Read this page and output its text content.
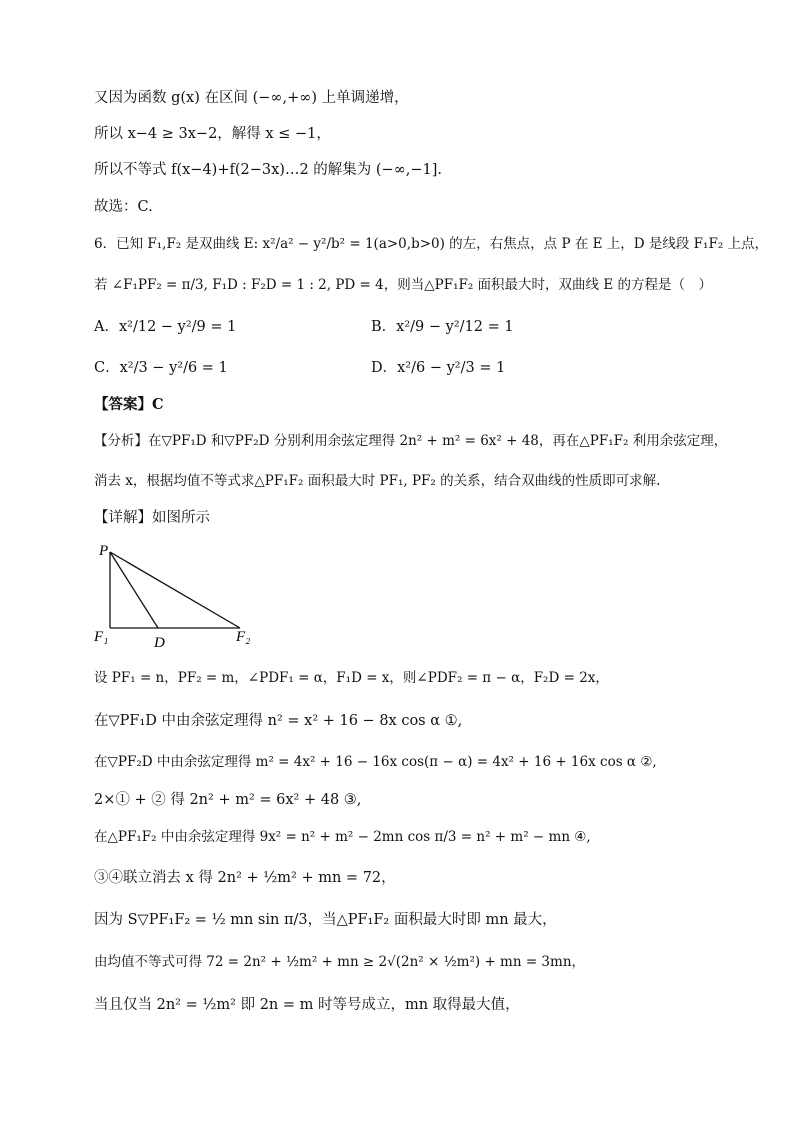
又因为函数 g(x) 在区间 (−∞,+∞) 上单调递增，
所以 x−4 ≥ 3x−2，解得 x ≤ −1，
所以不等式 f(x−4)+f(2−3x)…2 的解集为 (−∞,−1].
故选：C.
6．已知 F₁,F₂ 是双曲线 E: x²/a² − y²/b² = 1(a>0,b>0) 的左，右焦点，点 P 在 E 上，D 是线段 F₁F₂ 上点，
若 ∠F₁PF₂ = π/3, F₁D : F₂D = 1 : 2, PD = 4，则当△PF₁F₂ 面积最大时，双曲线 E 的方程是（　）
A．x²/12 − y²/9 = 1	B．x²/9 − y²/12 = 1
C．x²/3 − y²/6 = 1	D．x²/6 − y²/3 = 1
【答案】C
【分析】在▽PF₁D 和▽PF₂D 分别利用余弦定理得 2n² + m² = 6x² + 48，再在△PF₁F₂ 利用余弦定理，
消去 x，根据均值不等式求△PF₁F₂ 面积最大时 PF₁, PF₂ 的关系，结合双曲线的性质即可求解.
【详解】如图所示
P
F₁	D	F₂
设 PF₁ = n，PF₂ = m，∠PDF₁ = α，F₁D = x，则∠PDF₂ = π − α，F₂D = 2x，
在▽PF₁D 中由余弦定理得 n² = x² + 16 − 8x cos α ①,
在▽PF₂D 中由余弦定理得 m² = 4x² + 16 − 16x cos(π − α) = 4x² + 16 + 16x cos α ②,
2×① + ② 得 2n² + m² = 6x² + 48 ③,
在△PF₁F₂ 中由余弦定理得 9x² = n² + m² − 2mn cos π/3 = n² + m² − mn ④,
③④联立消去 x 得 2n² + ½m² + mn = 72，
因为 S▽PF₁F₂ = ½ mn sin π/3，当△PF₁F₂ 面积最大时即 mn 最大，
由均值不等式可得 72 = 2n² + ½m² + mn ≥ 2√(2n² × ½m²) + mn = 3mn，
当且仅当 2n² = ½m² 即 2n = m 时等号成立，mn 取得最大值，
